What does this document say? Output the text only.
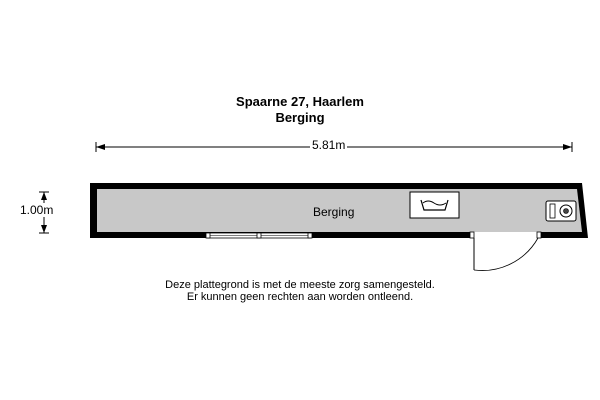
Spaarne 27, Haarlem
Berging
5.81m
1.00m	Berging
Deze plattegrond is met de meeste zorg samengesteld.
Er kunnen geen rechten aan worden ontleend.
